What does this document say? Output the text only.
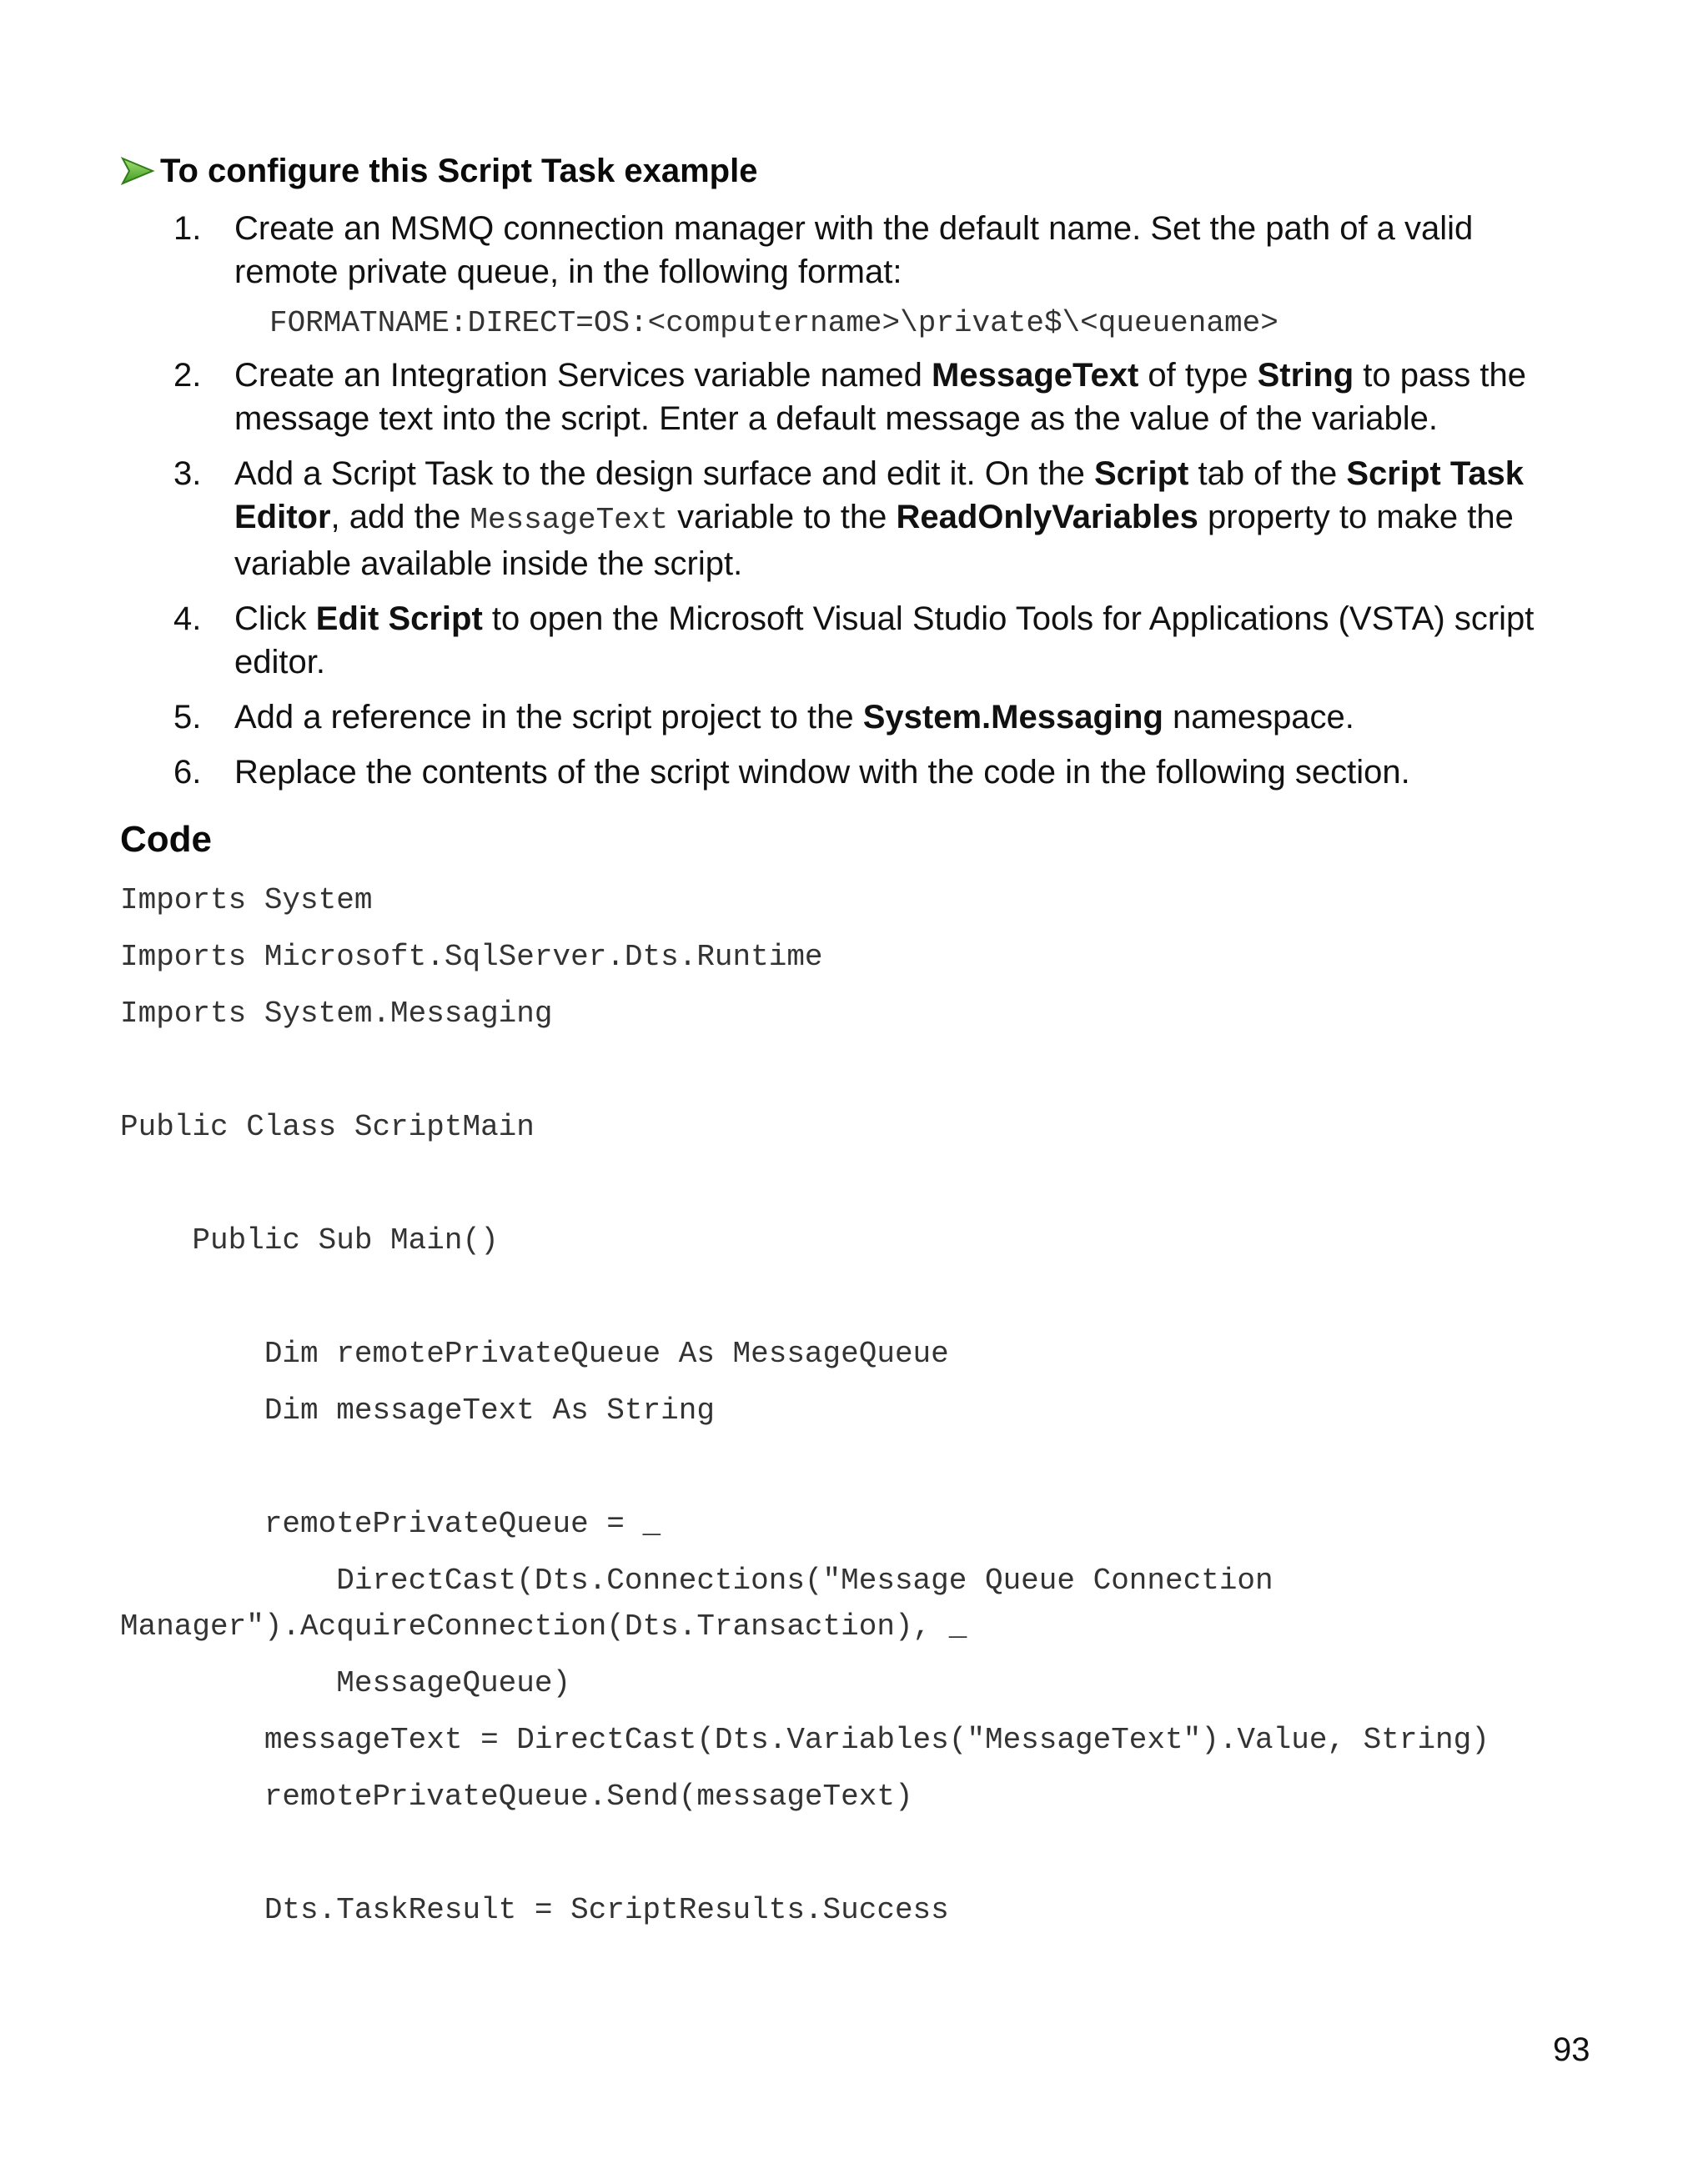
To configure this Script Task example
1. Create an MSMQ connection manager with the default name. Set the path of a valid remote private queue, in the following format:
FORMATNAME:DIRECT=OS:<computername>\private$\<queuename>
2. Create an Integration Services variable named MessageText of type String to pass the message text into the script. Enter a default message as the value of the variable.
3. Add a Script Task to the design surface and edit it. On the Script tab of the Script Task Editor, add the MessageText variable to the ReadOnlyVariables property to make the variable available inside the script.
4. Click Edit Script to open the Microsoft Visual Studio Tools for Applications (VSTA) script editor.
5. Add a reference in the script project to the System.Messaging namespace.
6. Replace the contents of the script window with the code in the following section.
Code
Imports System
Imports Microsoft.SqlServer.Dts.Runtime
Imports System.Messaging
Public Class ScriptMain
Public Sub Main()
Dim remotePrivateQueue As MessageQueue
Dim messageText As String
remotePrivateQueue = _
DirectCast(Dts.Connections("Message Queue Connection
Manager").AcquireConnection(Dts.Transaction), _
MessageQueue)
messageText = DirectCast(Dts.Variables("MessageText").Value, String)
remotePrivateQueue.Send(messageText)
Dts.TaskResult = ScriptResults.Success
93
